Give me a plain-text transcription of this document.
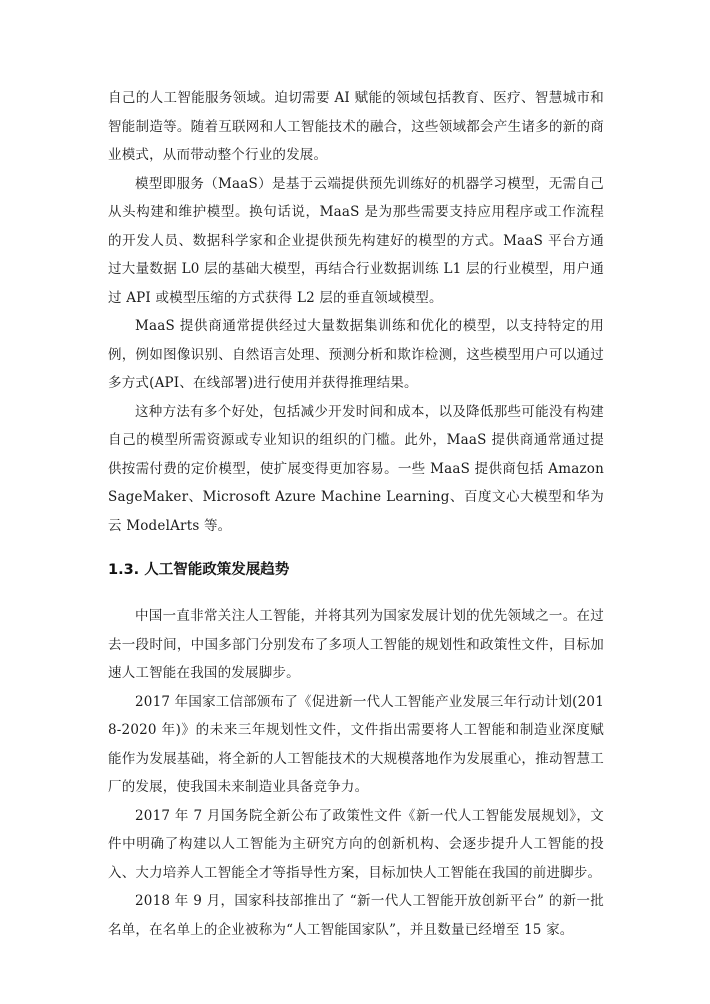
自己的人工智能服务领域。迫切需要 AI 赋能的领域包括教育、医疗、智慧城市和智能制造等。随着互联网和人工智能技术的融合，这些领域都会产生诸多的新的商业模式，从而带动整个行业的发展。

模型即服务（MaaS）是基于云端提供预先训练好的机器学习模型，无需自己从头构建和维护模型。换句话说，MaaS 是为那些需要支持应用程序或工作流程的开发人员、数据科学家和企业提供预先构建好的模型的方式。MaaS 平台方通过大量数据 L0 层的基础大模型，再结合行业数据训练 L1 层的行业模型，用户通过 API 或模型压缩的方式获得 L2 层的垂直领域模型。

MaaS 提供商通常提供经过大量数据集训练和优化的模型，以支持特定的用例，例如图像识别、自然语言处理、预测分析和欺诈检测，这些模型用户可以通过多方式(API、在线部署)进行使用并获得推理结果。

这种方法有多个好处，包括减少开发时间和成本，以及降低那些可能没有构建自己的模型所需资源或专业知识的组织的门槛。此外，MaaS 提供商通常通过提供按需付费的定价模型，使扩展变得更加容易。一些 MaaS 提供商包括 Amazon SageMaker、Microsoft Azure Machine Learning、百度文心大模型和华为云 ModelArts 等。

1.3. 人工智能政策发展趋势

中国一直非常关注人工智能，并将其列为国家发展计划的优先领域之一。在过去一段时间，中国多部门分别发布了多项人工智能的规划性和政策性文件，目标加速人工智能在我国的发展脚步。

2017 年国家工信部颁布了《促进新一代人工智能产业发展三年行动计划(2018-2020 年)》的未来三年规划性文件，文件指出需要将人工智能和制造业深度赋能作为发展基础，将全新的人工智能技术的大规模落地作为发展重心，推动智慧工厂的发展，使我国未来制造业具备竞争力。

2017 年 7 月国务院全新公布了政策性文件《新一代人工智能发展规划》，文件中明确了构建以人工智能为主研究方向的创新机构、会逐步提升人工智能的投入、大力培养人工智能全才等指导性方案，目标加快人工智能在我国的前进脚步。

2018 年 9 月，国家科技部推出了 “新一代人工智能开放创新平台” 的新一批名单，在名单上的企业被称为“人工智能国家队”，并且数量已经增至 15 家。
